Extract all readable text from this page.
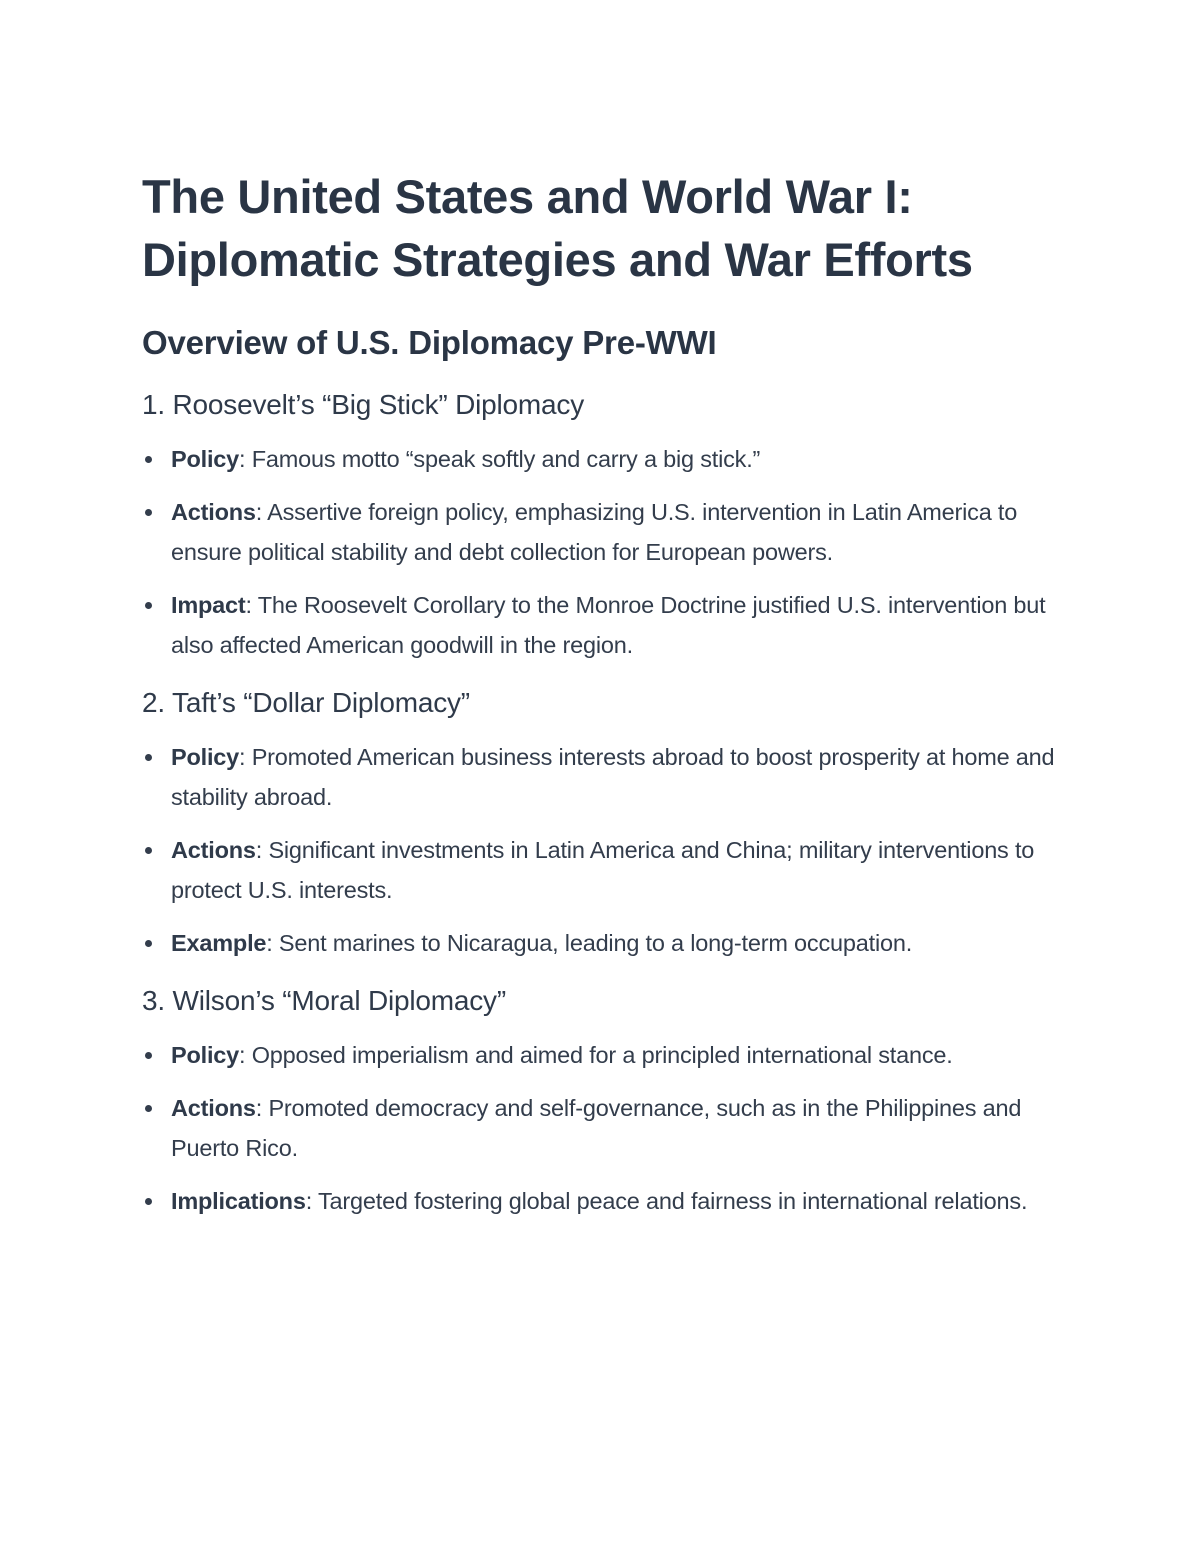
The United States and World War I:
Diplomatic Strategies and War Efforts
Overview of U.S. Diplomacy Pre-WWI
1. Roosevelt’s “Big Stick” Diplomacy
Policy: Famous motto “speak softly and carry a big stick.”
Actions: Assertive foreign policy, emphasizing U.S. intervention in Latin America to ensure political stability and debt collection for European powers.
Impact: The Roosevelt Corollary to the Monroe Doctrine justified U.S. intervention but also affected American goodwill in the region.
2. Taft’s “Dollar Diplomacy”
Policy: Promoted American business interests abroad to boost prosperity at home and stability abroad.
Actions: Significant investments in Latin America and China; military interventions to protect U.S. interests.
Example: Sent marines to Nicaragua, leading to a long-term occupation.
3. Wilson’s “Moral Diplomacy”
Policy: Opposed imperialism and aimed for a principled international stance.
Actions: Promoted democracy and self-governance, such as in the Philippines and Puerto Rico.
Implications: Targeted fostering global peace and fairness in international relations.
